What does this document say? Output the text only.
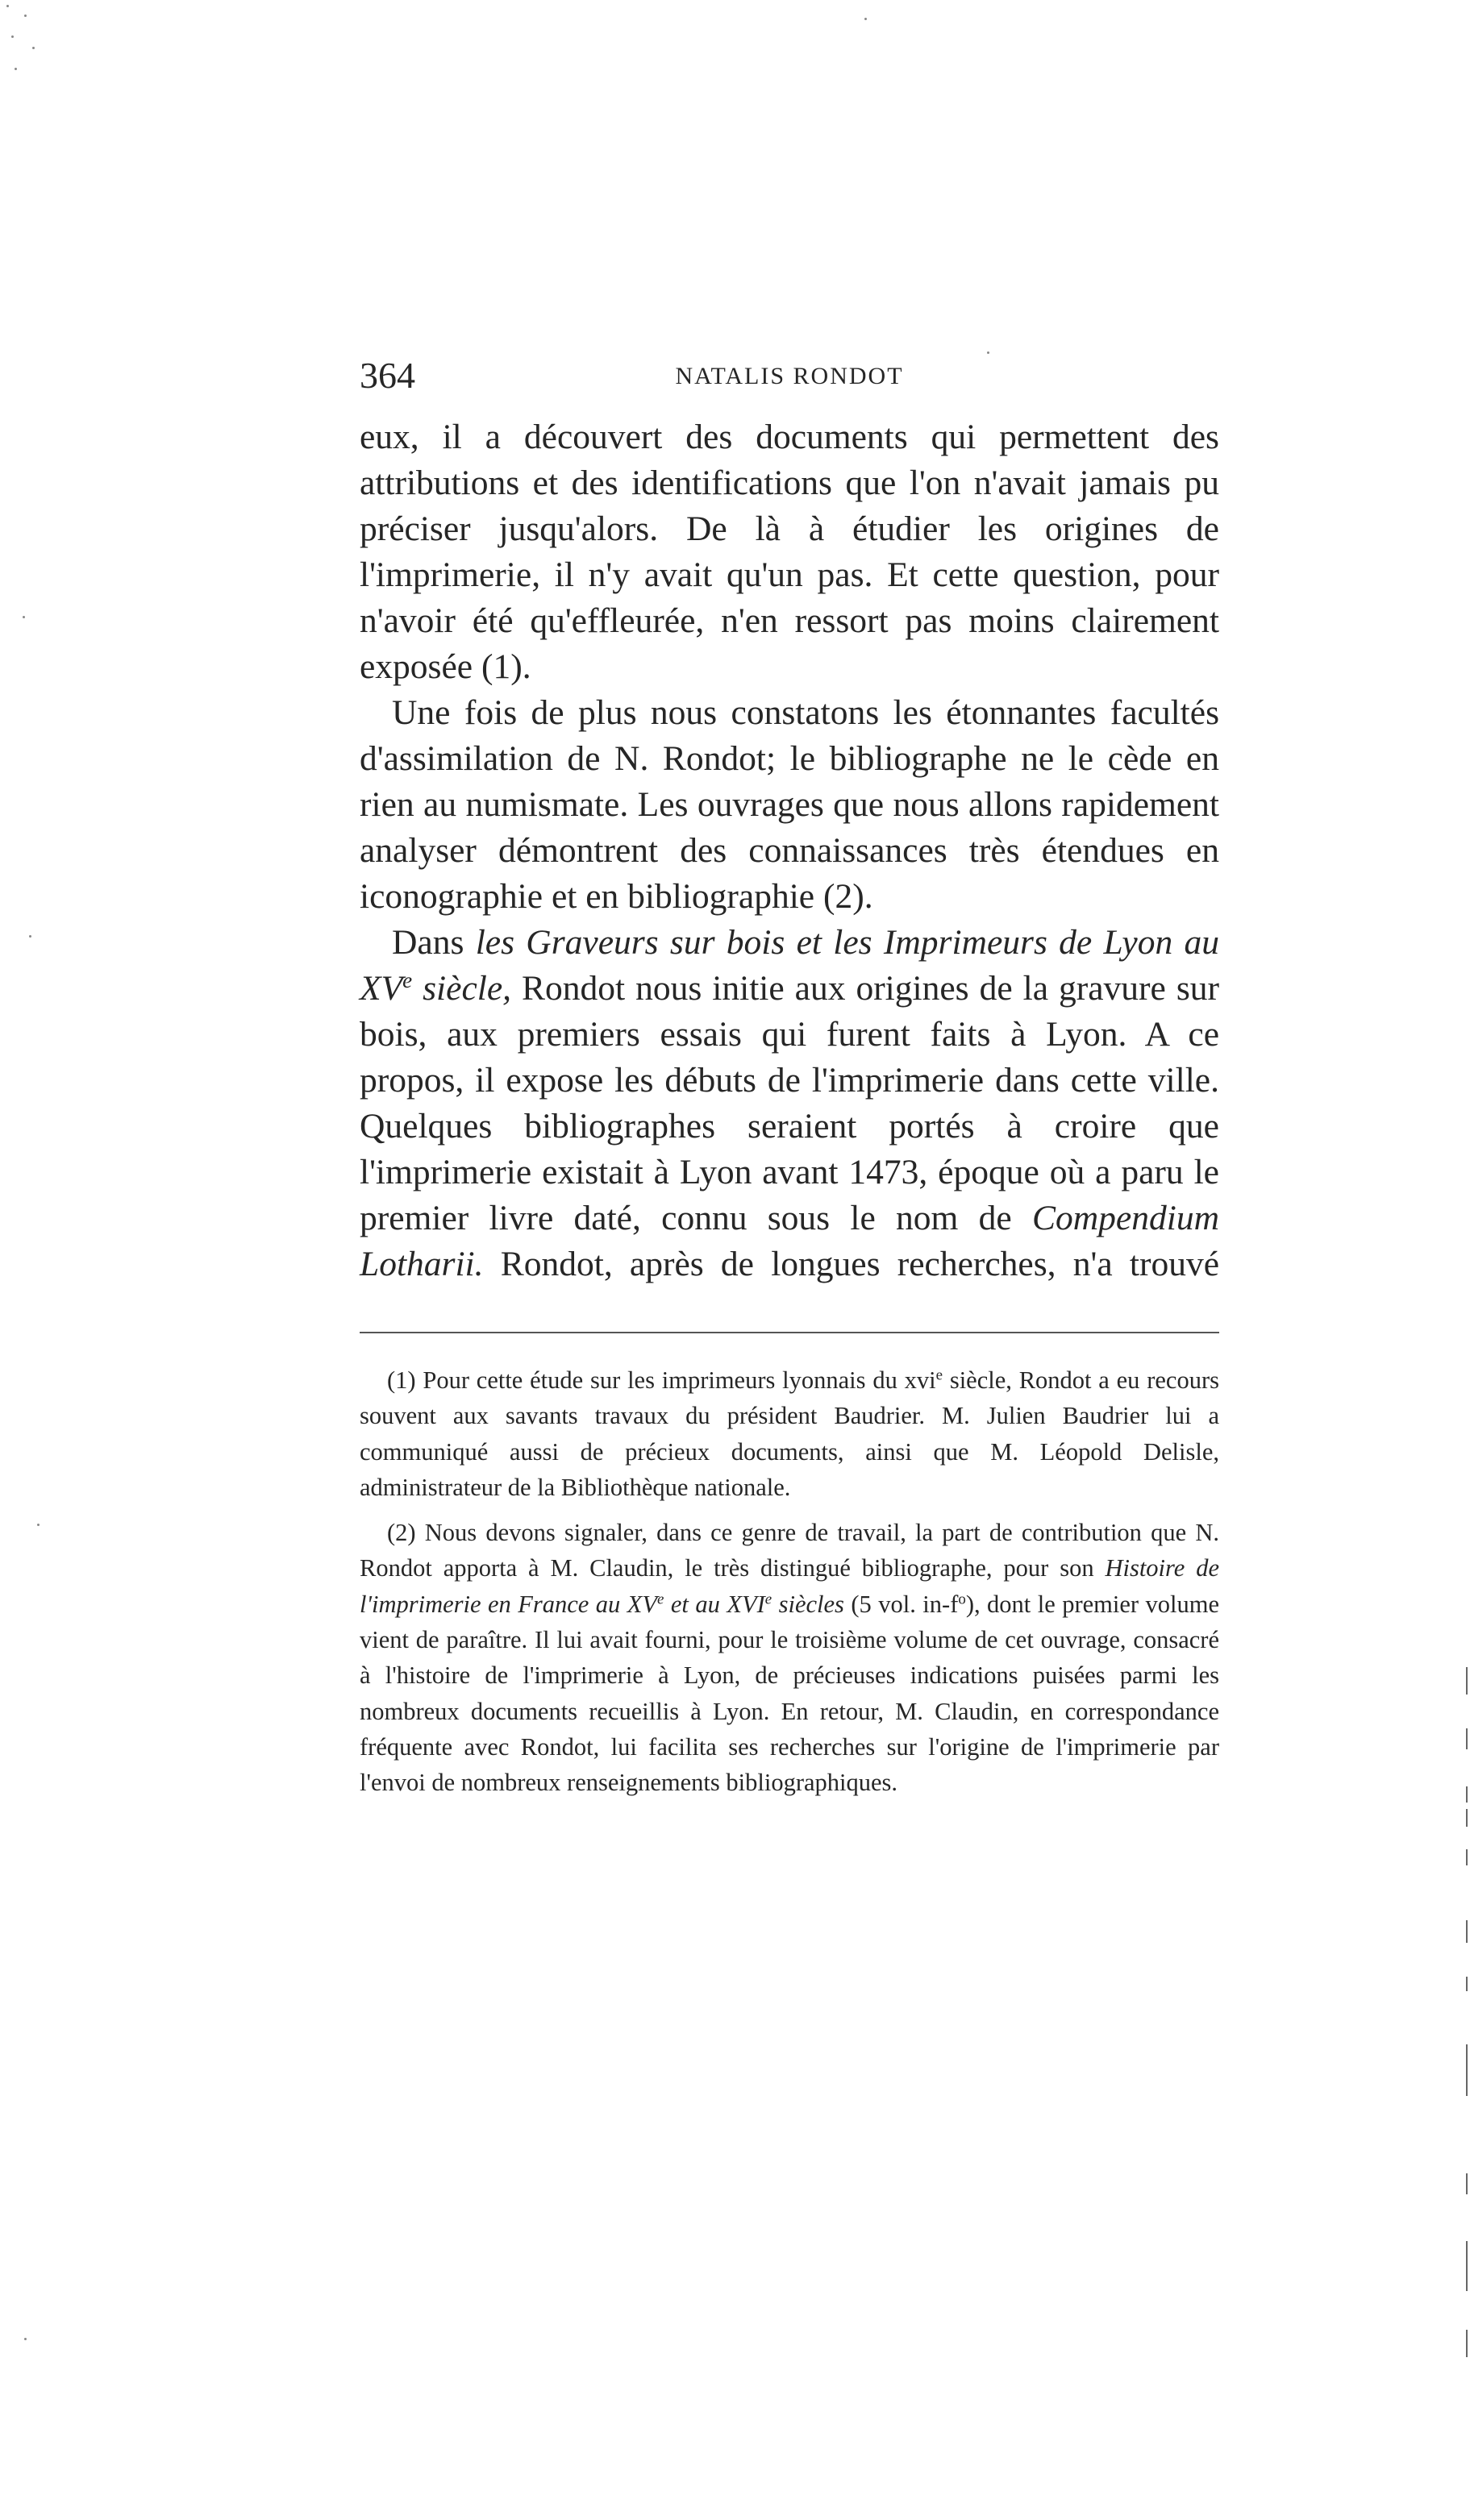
364	NATALIS RONDOT

eux, il a découvert des documents qui permettent des attributions et des identifications que l'on n'avait jamais pu préciser jusqu'alors. De là à étudier les origines de l'imprimerie, il n'y avait qu'un pas. Et cette question, pour n'avoir été qu'effleurée, n'en ressort pas moins clairement exposée (1).

Une fois de plus nous constatons les étonnantes facultés d'assimilation de N. Rondot; le bibliographe ne le cède en rien au numismate. Les ouvrages que nous allons rapidement analyser démontrent des connaissances très étendues en iconographie et en bibliographie (2).

Dans les Graveurs sur bois et les Imprimeurs de Lyon au XVe siècle, Rondot nous initie aux origines de la gravure sur bois, aux premiers essais qui furent faits à Lyon. A ce propos, il expose les débuts de l'imprimerie dans cette ville. Quelques bibliographes seraient portés à croire que l'imprimerie existait à Lyon avant 1473, époque où a paru le premier livre daté, connu sous le nom de Compendium Lotharii. Rondot, après de longues recherches, n'a trouvé

(1) Pour cette étude sur les imprimeurs lyonnais du xvi$^e$ siècle, Rondot a eu recours souvent aux savants travaux du président Baudrier. M. Julien Baudrier lui a communiqué aussi de précieux documents, ainsi que M. Léopold Delisle, administrateur de la Bibliothèque nationale.

(2) Nous devons signaler, dans ce genre de travail, la part de contribution que N. Rondot apporta à M. Claudin, le très distingué bibliographe, pour son Histoire de l'imprimerie en France au XVe et au XVIe siècles (5 vol. $in-f^o$), dont le premier volume vient de paraître. Il lui avait fourni, pour le troisième volume de cet ouvrage, consacré à l'histoire de l'imprimerie à Lyon, de précieuses indications puisées parmi les nombreux documents recueillis à Lyon. En retour, M. Claudin, en correspondance fréquente avec Rondot, lui facilita ses recherches sur l'origine de l'imprimerie par l'envoi de nombreux renseignements bibliographiques.
